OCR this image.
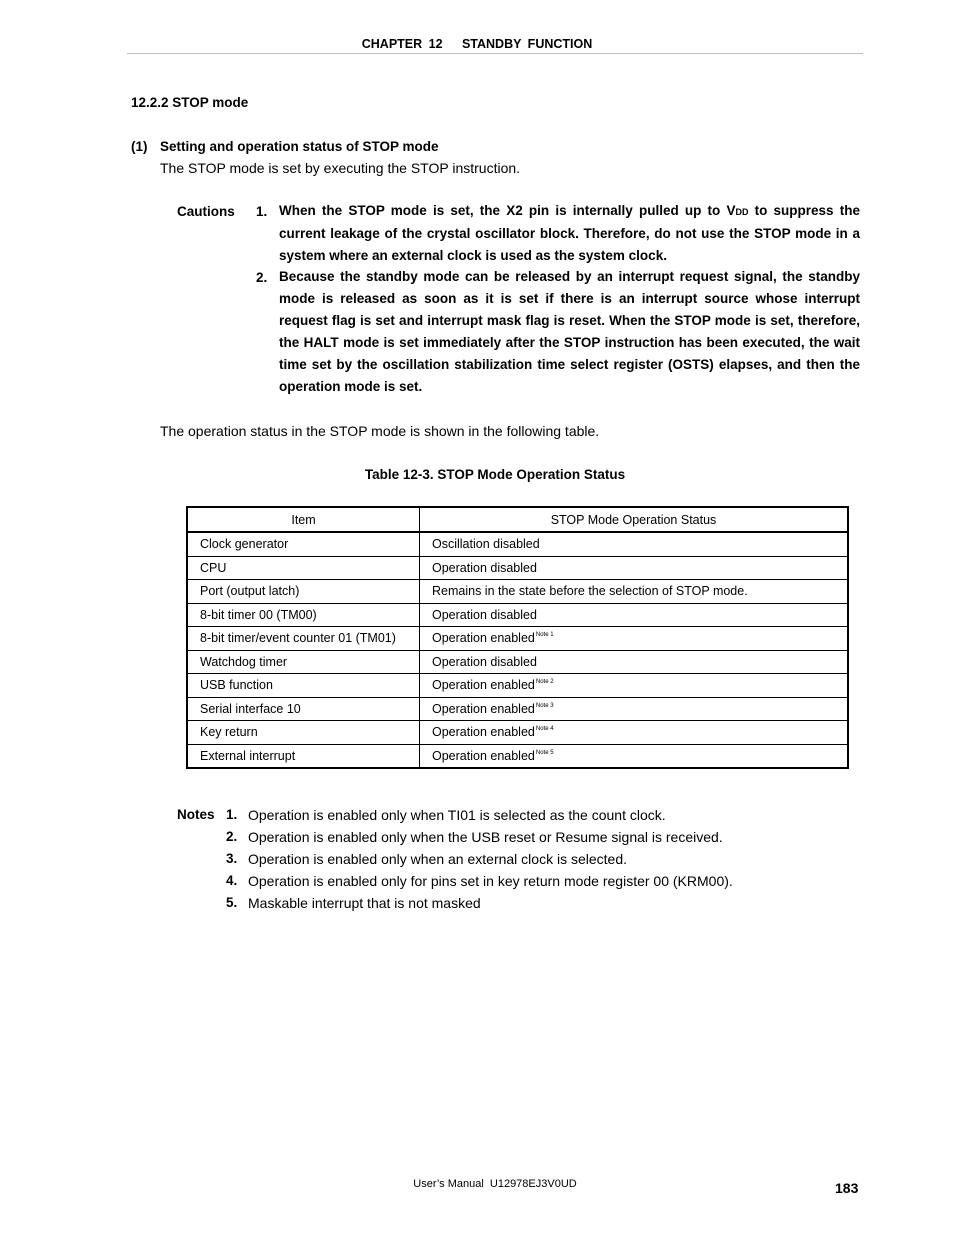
CHAPTER 12   STANDBY FUNCTION
12.2.2 STOP mode
(1) Setting and operation status of STOP mode
The STOP mode is set by executing the STOP instruction.
Cautions 1. When the STOP mode is set, the X2 pin is internally pulled up to VDD to suppress the current leakage of the crystal oscillator block. Therefore, do not use the STOP mode in a system where an external clock is used as the system clock.
2. Because the standby mode can be released by an interrupt request signal, the standby mode is released as soon as it is set if there is an interrupt source whose interrupt request flag is set and interrupt mask flag is reset. When the STOP mode is set, therefore, the HALT mode is set immediately after the STOP instruction has been executed, the wait time set by the oscillation stabilization time select register (OSTS) elapses, and then the operation mode is set.
The operation status in the STOP mode is shown in the following table.
Table 12-3. STOP Mode Operation Status
Item	STOP Mode Operation Status
Clock generator	Oscillation disabled
CPU	Operation disabled
Port (output latch)	Remains in the state before the selection of STOP mode.
8-bit timer 00 (TM00)	Operation disabled
8-bit timer/event counter 01 (TM01)	Operation enabled$^{Note 1}$
Watchdog timer	Operation disabled
USB function	Operation enabled$^{Note 2}$
Serial interface 10	Operation enabled$^{Note 3}$
Key return	Operation enabled$^{Note 4}$
External interrupt	Operation enabled$^{Note 5}$
Notes 1. Operation is enabled only when TI01 is selected as the count clock.
2. Operation is enabled only when the USB reset or Resume signal is received.
3. Operation is enabled only when an external clock is selected.
4. Operation is enabled only for pins set in key return mode register 00 (KRM00).
5. Maskable interrupt that is not masked
User’s Manual  U12978EJ3V0UD	183
